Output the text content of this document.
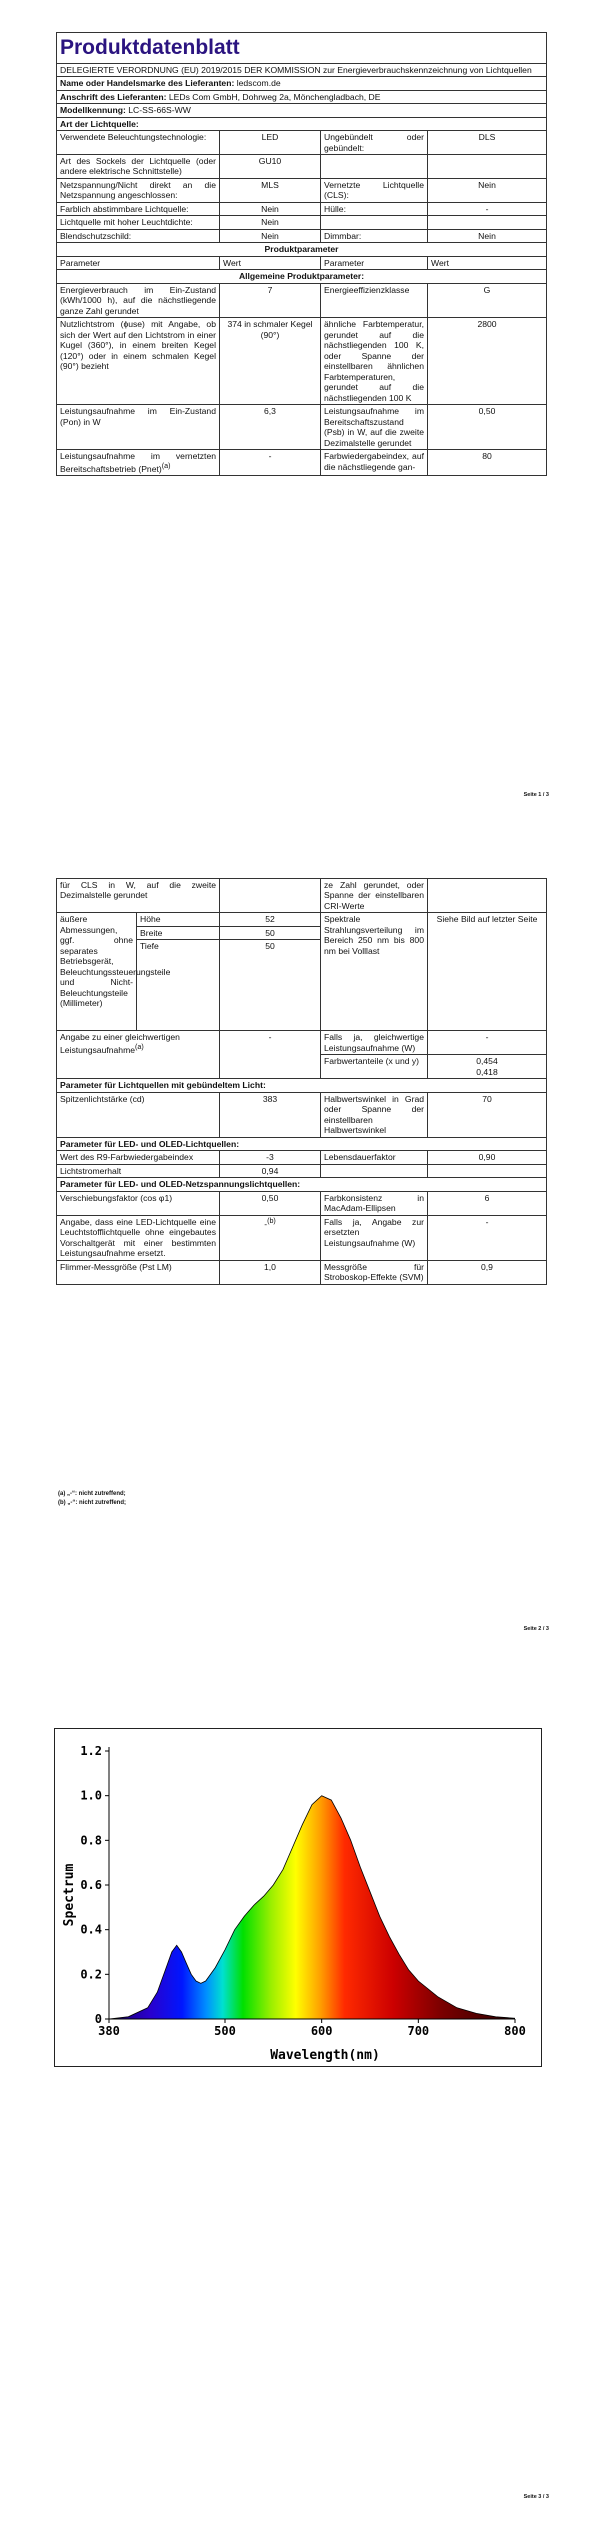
Produktdatenblatt			
DELEGIERTE VERORDNUNG (EU) 2019/2015 DER KOMMISSION zur Energieverbrauchskennzeichnung von Lichtquellen			
Name oder Handelsmarke des Lieferanten: ledscom.de			
Anschrift des Lieferanten: LEDs Com GmbH, Dohrweg 2a, Mönchengladbach, DE			
Modellkennung: LC-SS-66S-WW			
Art der Lichtquelle:			
Verwendete Beleuchtungstechnologie:	LED	Ungebündelt oder gebündelt:	DLS
Art des Sockels der Lichtquelle (oder andere elektrische Schnittstelle)	GU10		
Netzspannung/Nicht direkt an die Netzspannung angeschlossen:	MLS	Vernetzte Lichtquelle (CLS):	Nein
Farblich abstimmbare Lichtquelle:	Nein	Hülle:	-
Lichtquelle mit hoher Leuchtdichte:	Nein		
Blendschutzschild:	Nein	Dimmbar:	Nein
Produktparameter			
Parameter	Wert	Parameter	Wert
Allgemeine Produktparameter:			
Energieverbrauch im Ein-Zustand (kWh/1000 h), auf die nächstliegende ganze Zahl gerundet	7	Energieeffizienzklasse	G
Nutzlichtstrom (ɸuse) mit Angabe, ob sich der Wert auf den Lichtstrom in einer Kugel (360°), in einem breiten Kegel (120°) oder in einem schmalen Kegel (90°) bezieht	374 in schmaler Kegel (90°)	ähnliche Farbtemperatur, gerundet auf die nächstliegenden 100 K, oder Spanne der einstellbaren ähnlichen Farbtemperaturen, gerundet auf die nächstliegenden 100 K	2800
Leistungsaufnahme im Ein-Zustand (Pon) in W	6,3	Leistungsaufnahme im Bereitschaftszustand (Psb) in W, auf die zweite Dezimalstelle gerundet	0,50
Leistungsaufnahme im vernetzten Bereitschaftsbetrieb (Pnet)$^{(a)}$	-	Farbwiedergabeindex, auf die nächstliegende gan-	80
Seite 1 / 3
für CLS in W, auf die zweite Dezimalstelle gerundet			ze Zahl gerundet, oder Spanne der einstellbaren CRI-Werte	
äußere Abmessungen, ggf. ohne separates Betriebsgerät, Beleuchtungssteuerungsteile und Nicht-Beleuchtungsteile (Millimeter)	Höhe	52	Spektrale Strahlungsverteilung im Bereich 250 nm bis 800 nm bei Volllast	Siehe Bild auf letzter Seite
	Breite	50		
	Tiefe	50		
Angabe zu einer gleichwertigen Leistungsaufnahme$^{(a)}$		-	Falls ja, gleichwertige Leistungsaufnahme (W)	-
			Farbwertanteile (x und y)	0,454
0,418

Parameter für Lichtquellen mit gebündeltem Licht:				
Spitzenlichtstärke (cd)		383	Halbwertswinkel in Grad oder Spanne der einstellbaren Halbwertswinkel	70
Parameter für LED- und OLED-Lichtquellen:				
Wert des R9-Farbwiedergabeindex		-3	Lebensdauerfaktor	0,90
Lichtstromerhalt		0,94		
Parameter für LED- und OLED-Netzspannungslichtquellen:				
Verschiebungsfaktor (cos φ1)		0,50	Farbkonsistenz in MacAdam-Ellipsen	6
Angabe, dass eine LED-Lichtquelle eine Leuchtstofflichtquelle ohne eingebautes Vorschaltgerät mit einer bestimmten Leistungsaufnahme ersetzt.		-$^{(b)}$	Falls ja, Angabe zur ersetzten Leistungsaufnahme (W)	-
Flimmer-Messgröße (Pst LM)		1,0	Messgröße für Stroboskop-Effekte (SVM)	0,9
(a) „-“: nicht zutreffend;
(b) „-“: nicht zutreffend;
Seite 2 / 3
380	500	600	700	800
0
0.2
0.4
0.6
0.8
1.0
1.2
Spectrum
Wavelength(nm)
Seite 3 / 3
